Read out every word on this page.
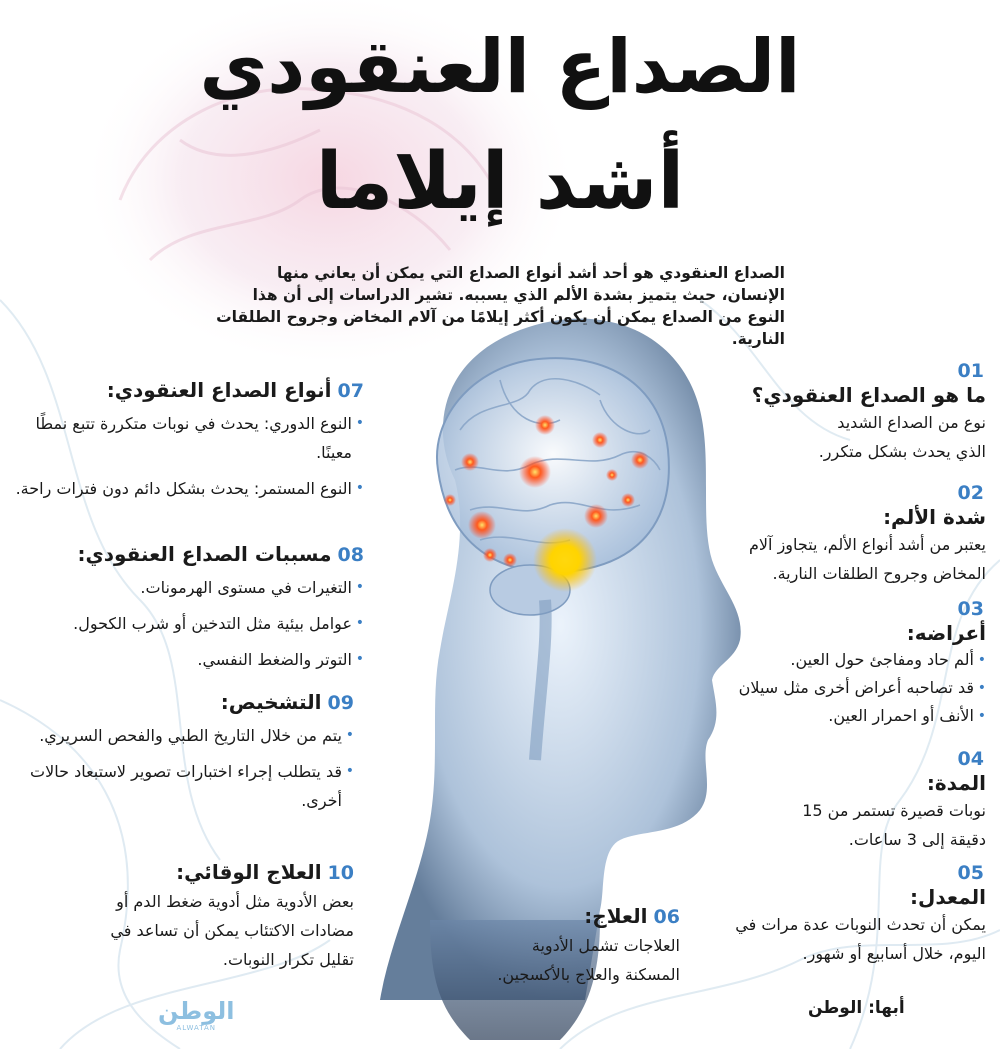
الصداع العنقودي
أشد إيلاما

الصداع العنقودي هو أحد أشد أنواع الصداع التي يمكن أن يعاني منها الإنسان، حيث يتميز بشدة الألم الذي يسببه. تشير الدراسات إلى أن هذا النوع من الصداع يمكن أن يكون أكثر إيلامًا من آلام المخاض وجروح الطلقات النارية.

01
ما هو الصداع العنقودي؟

نوع من الصداع الشديد

الذي يحدث بشكل متكرر.

02
شدة الألم:

يعتبر من أشد أنواع الألم، يتجاوز آلام

المخاض وجروح الطلقات النارية.

03
أعراضه:
•
ألم حاد ومفاجئ حول العين.
•
قد تصاحبه أعراض أخرى مثل سيلان
•
الأنف أو احمرار العين.
04
المدة:

نوبات قصيرة تستمر من 15

دقيقة إلى 3 ساعات.

05
المعدل:

يمكن أن تحدث النوبات عدة مرات في

اليوم، خلال أسابيع أو شهور.

06العلاج:

العلاجات تشمل الأدوية

المسكنة والعلاج بالأكسجين.

07أنواع الصداع العنقودي:
•
النوع الدوري: يحدث في نوبات متكررة تتبع نمطًا معينًا.
•
النوع المستمر: يحدث بشكل دائم دون فترات راحة.
08مسببات الصداع العنقودي:
•
التغيرات في مستوى الهرمونات.
•
عوامل بيئية مثل التدخين أو شرب الكحول.
•
التوتر والضغط النفسي.
09التشخيص:
•
يتم من خلال التاريخ الطبي والفحص السريري.
•
قد يتطلب إجراء اختبارات تصوير لاستبعاد حالات أخرى.
10العلاج الوقائي:

بعض الأدوية مثل أدوية ضغط الدم أو

مضادات الاكتئاب يمكن أن تساعد في

تقليل تكرار النوبات.

أبها: الوطن
الوطن
ALWATAN
